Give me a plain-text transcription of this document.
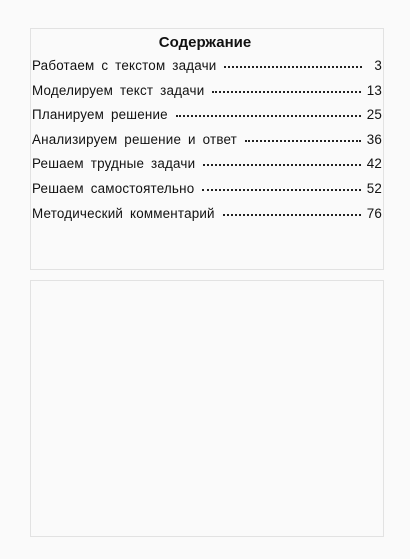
Содержание
Работаем с текстом задачи	3
Моделируем текст задачи	13
Планируем решение	25
Анализируем решение и ответ	36
Решаем трудные задачи	42
Решаем самостоятельно	52
Методический комментарий	76
